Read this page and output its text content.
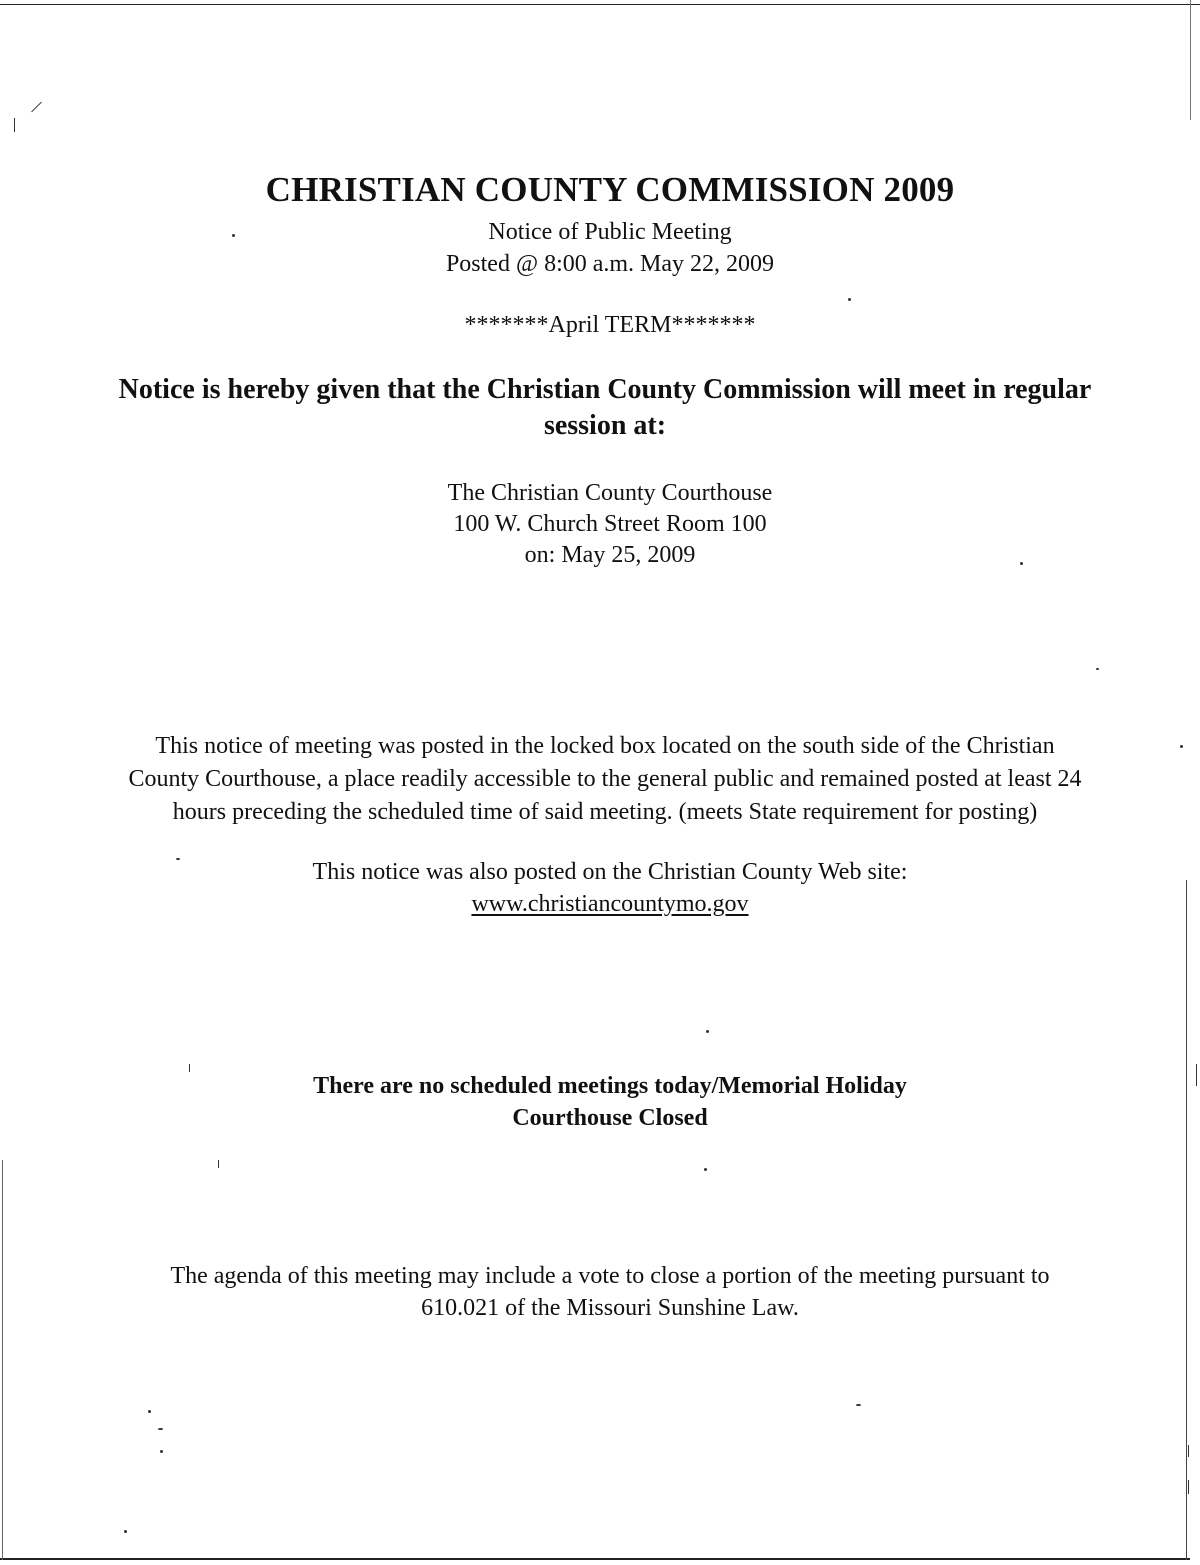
CHRISTIAN COUNTY COMMISSION 2009
Notice of Public Meeting
Posted @ 8:00 a.m. May 22, 2009
*******April TERM*******
Notice is hereby given that the Christian County Commission will meet in regular
session at:
The Christian County Courthouse
100 W. Church Street Room 100
on: May 25, 2009
This notice of meeting was posted in the locked box located on the south side of the Christian
County Courthouse, a place readily accessible to the general public and remained posted at least 24
hours preceding the scheduled time of said meeting. (meets State requirement for posting)
This notice was also posted on the Christian County Web site:
www.christiancountymo.gov
There are no scheduled meetings today/Memorial Holiday
Courthouse Closed
The agenda of this meeting may include a vote to close a portion of the meeting pursuant to
610.021 of the Missouri Sunshine Law.
